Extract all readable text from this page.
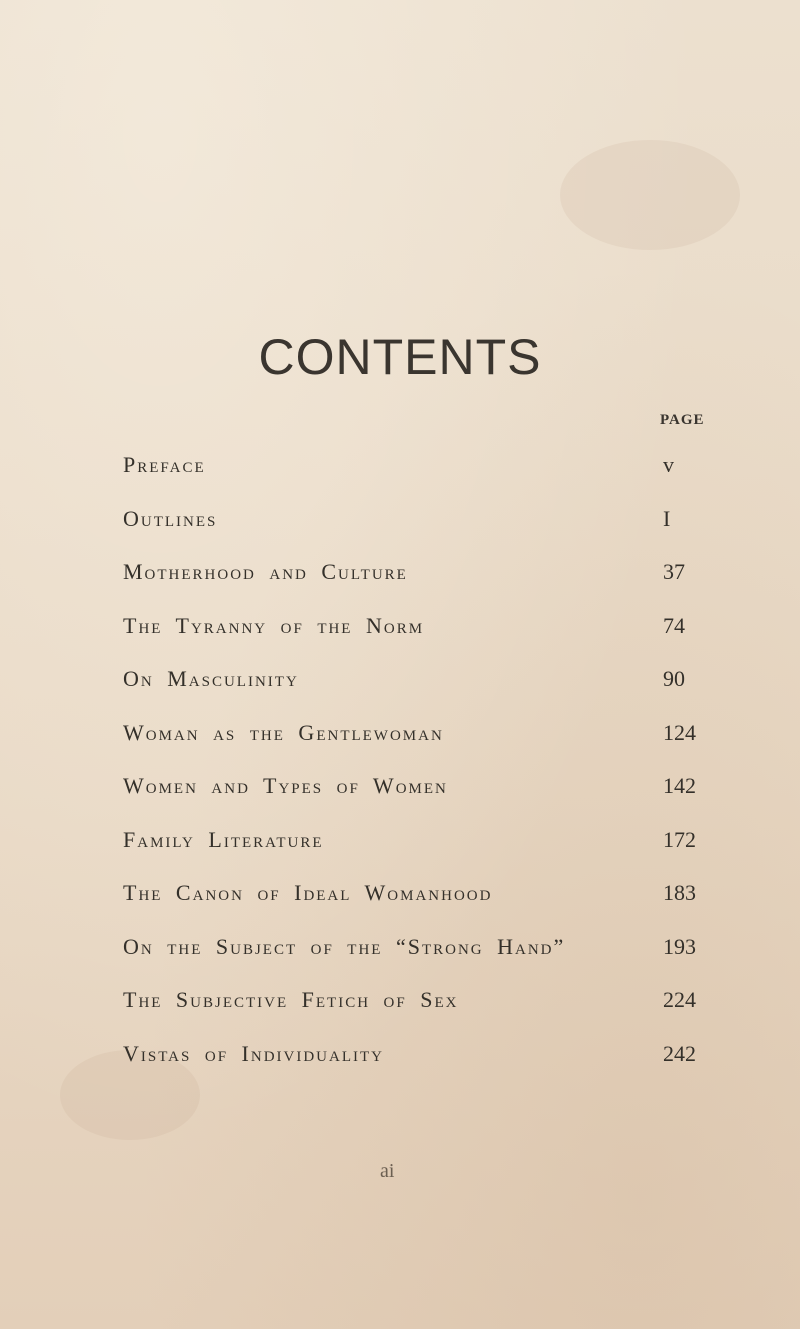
CONTENTS
PAGE
Preface	v
Outlines	I
Motherhood and Culture	37
The Tyranny of the Norm	74
On Masculinity	90
Woman as the Gentlewoman	124
Women and Types of Women	142
Family Literature	172
The Canon of Ideal Womanhood	183
On the Subject of the “Strong Hand”	193
The Subjective Fetich of Sex	224
Vistas of Individuality	242
ai
